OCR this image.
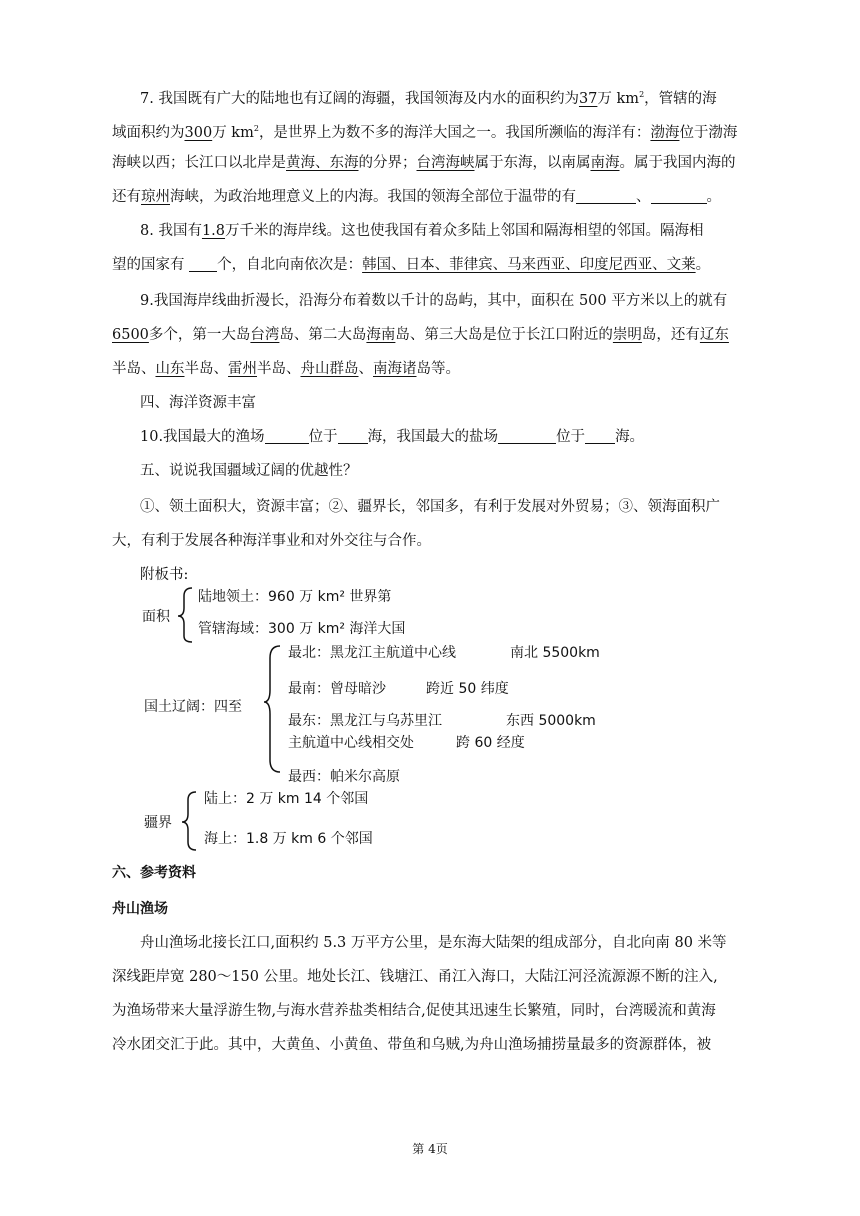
7. 我国既有广大的陆地也有辽阔的海疆，我国领海及内水的面积约为37万 $km^2$，管辖的海
域面积约为300万 $km^2$，是世界上为数不多的海洋大国之一。我国所濒临的海洋有：渤海位于渤海
海峡以西；长江口以北岸是黄海、东海的分界；台湾海峡属于东海，以南属南海。属于我国内海的
还有琼州海峡，为政治地理意义上的内海。我国的领海全部位于温带的有	、	。
8. 我国有1.8万千米的海岸线。这也使我国有着众多陆上邻国和隔海相望的邻国。隔海相
望的国家有 个，自北向南依次是：韩国、日本、菲律宾、马来西亚、印度尼西亚、文莱。
9.我国海岸线曲折漫长，沿海分布着数以千计的岛屿，其中，面积在 500 平方米以上的就有
6500多个，第一大岛台湾岛、第二大岛海南岛、第三大岛是位于长江口附近的崇明岛，还有辽东
半岛、山东半岛、雷州半岛、舟山群岛、南海诸岛等。
四、海洋资源丰富
10.我国最大的渔场	位于 海，我国最大的盐场	位于 海。
五、说说我国疆域辽阔的优越性？
①、领土面积大，资源丰富；②、疆界长，邻国多，有利于发展对外贸易；③、领海面积广
大，有利于发展各种海洋事业和对外交往与合作。
附板书:
面积
陆地领土：960 万 km² 世界第
管辖海域：300 万 km² 海洋大国
国土辽阔：四至
最北：黑龙江主航道中心线	南北 5500km
最南：曾母暗沙	跨近 50 纬度
最东：黑龙江与乌苏里江	东西 5000km
主航道中心线相交处	跨 60 经度
最西：帕米尔高原
疆界
陆上：2 万 km 14 个邻国
海上：1.8 万 km 6 个邻国
六、参考资料
舟山渔场
舟山渔场北接长江口,面积约 5.3 万平方公里，是东海大陆架的组成部分，自北向南 80 米等
深线距岸宽 280～150 公里。地处长江、钱塘江、甬江入海口，大陆江河泾流源源不断的注入,
为渔场带来大量浮游生物,与海水营养盐类相结合,促使其迅速生长繁殖，同时，台湾暖流和黄海
冷水团交汇于此。其中，大黄鱼、小黄鱼、带鱼和乌贼,为舟山渔场捕捞量最多的资源群体，被
第 4页
